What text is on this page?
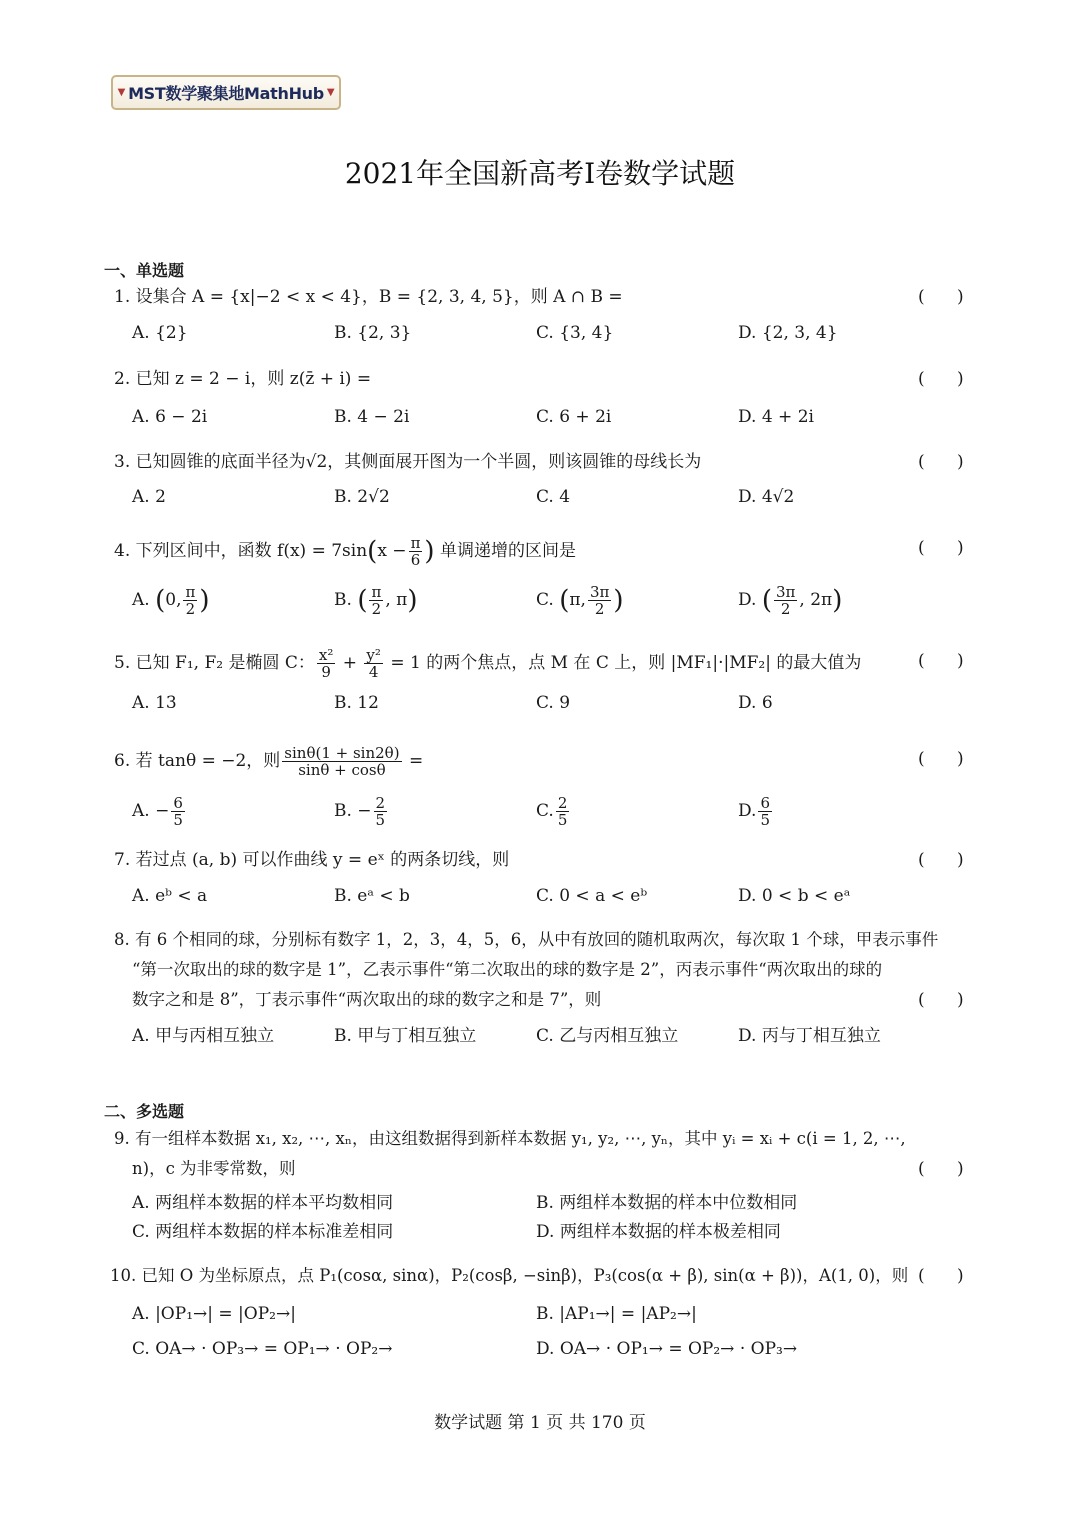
▼ MST数学聚集地MathHub ▼
2021年全国新高考I卷数学试题
一、单选题
1. 设集合 A = {x|−2 < x < 4}，B = {2, 3, 4, 5}，则 A ∩ B =	(      )
A. {2}	B. {2, 3}	C. {3, 4}	D. {2, 3, 4}
2. 已知 z = 2 − i，则 z(z̄ + i) =	(      )
A. 6 − 2i	B. 4 − 2i	C. 6 + 2i	D. 4 + 2i
3. 已知圆锥的底面半径为√2，其侧面展开图为一个半圆，则该圆锥的母线长为	(      )
A. 2	B. 2√2	C. 4	D. 4√2
4. 下列区间中，函数 $f(x) = 7\sin(x - \frac{\pi}{6}$ ) 单调递增的区间是	(      )
A. (0, $\frac{\pi}{2}$ )	B. ( $\frac{\pi}{2}$ , π)	C. (π, $\frac{3\pi}{2}$ )	D. ( $\frac{3\pi}{2}$ , 2π)
5. 已知 F₁, F₂ 是椭圆 C： $\frac{\text{x²}}{9} + \frac{\text{y²}}{4} = 1$ 的两个焦点，点 M 在 C 上，则 |MF₁|·|MF₂| 的最大值为	(      )
A. 13	B. 12	C. 9	D. 6
6. 若 tanθ = −2，则 $\frac{\sin\theta(1 + \sin 2\theta)}{\sin\theta + \cos\theta}$ =	(      )
A. − $\frac{6}{5}$	B. − $\frac{2}{5}$	C. $\frac{2}{5}$	D. $\frac{6}{5}$
7. 若过点 (a, b) 可以作曲线 y = eˣ 的两条切线，则	(      )
A. eᵇ < a	B. eᵃ < b	C. 0 < a < eᵇ	D. 0 < b < eᵃ
8. 有 6 个相同的球，分别标有数字 1，2，3，4，5，6，从中有放回的随机取两次，每次取 1 个球，甲表示事件
“第一次取出的球的数字是 1”，乙表示事件“第二次取出的球的数字是 2”，丙表示事件“两次取出的球的
数字之和是 8”，丁表示事件“两次取出的球的数字之和是 7”，则	(      )
A. 甲与丙相互独立	B. 甲与丁相互独立	C. 乙与丙相互独立	D. 丙与丁相互独立
二、多选题
9. 有一组样本数据 x₁, x₂, ⋯, xₙ，由这组数据得到新样本数据 y₁, y₂, ⋯, yₙ，其中 yᵢ = xᵢ + c(i = 1, 2, ⋯,
n)，c 为非零常数，则	(      )
A. 两组样本数据的样本平均数相同	B. 两组样本数据的样本中位数相同
C. 两组样本数据的样本标准差相同	D. 两组样本数据的样本极差相同
10. 已知 O 为坐标原点，点 P₁(cosα, sinα)，P₂(cosβ, −sinβ)，P₃(cos(α + β), sin(α + β))，A(1, 0)，则 (      )
A. |OP₁→| = |OP₂→|	B. |AP₁→| = |AP₂→|
C. OA→ · OP₃→ = OP₁→ · OP₂→	D. OA→ · OP₁→ = OP₂→ · OP₃→
数学试题 第 1 页 共 170 页
